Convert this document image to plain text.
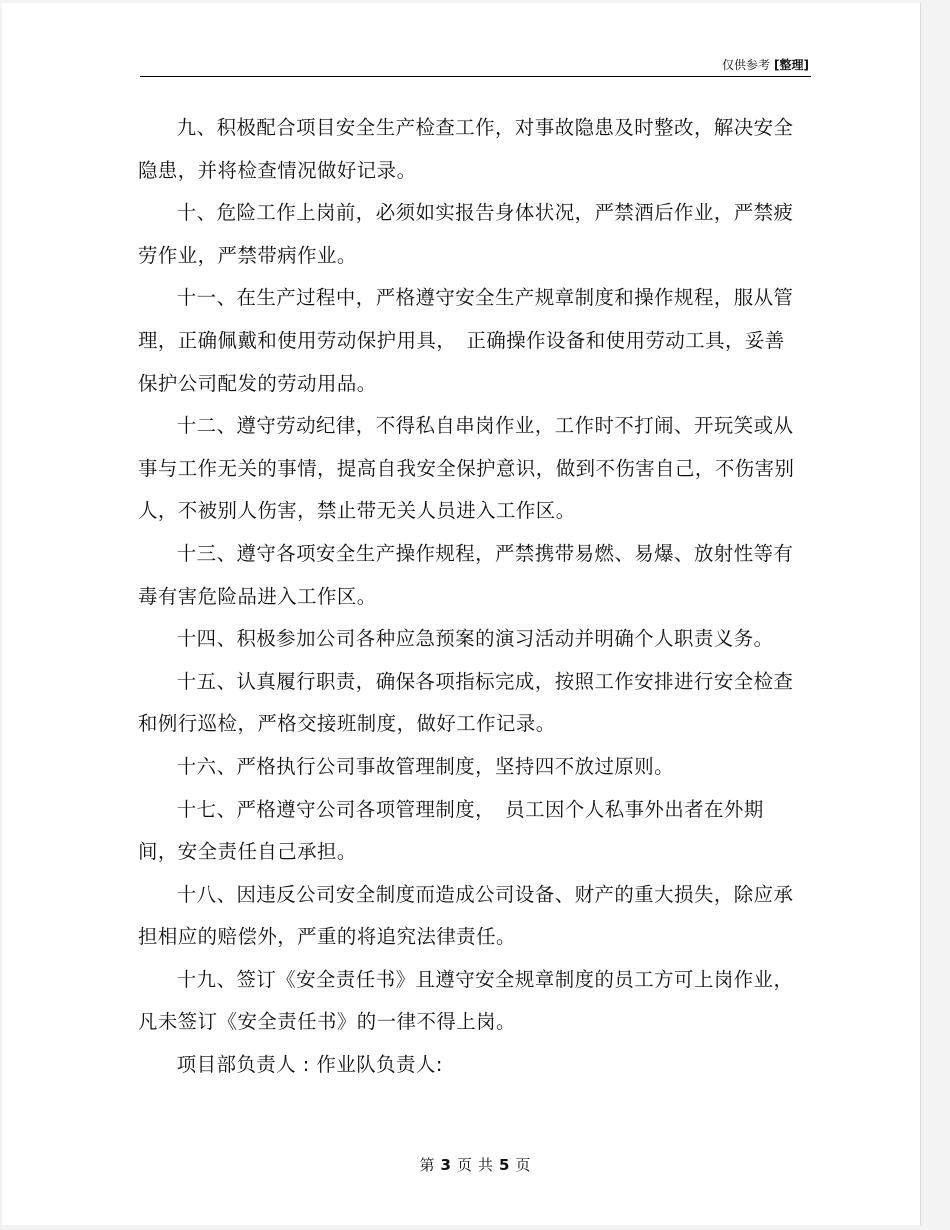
仅供参考 [整理]

九、积极配合项目安全生产检查工作，对事故隐患及时整改，解决安全隐患，并将检查情况做好记录。

十、危险工作上岗前，必须如实报告身体状况，严禁酒后作业，严禁疲劳作业，严禁带病作业。

十一、在生产过程中，严格遵守安全生产规章制度和操作规程，服从管理，正确佩戴和使用劳动保护用具，　正确操作设备和使用劳动工具，妥善保护公司配发的劳动用品。

十二、遵守劳动纪律，不得私自串岗作业，工作时不打闹、开玩笑或从事与工作无关的事情，提高自我安全保护意识，做到不伤害自己，不伤害别人，不被别人伤害，禁止带无关人员进入工作区。

十三、遵守各项安全生产操作规程，严禁携带易燃、易爆、放射性等有毒有害危险品进入工作区。

十四、积极参加公司各种应急预案的演习活动并明确个人职责义务。

十五、认真履行职责，确保各项指标完成，按照工作安排进行安全检查和例行巡检，严格交接班制度，做好工作记录。

十六、严格执行公司事故管理制度，坚持四不放过原则。

十七、严格遵守公司各项管理制度，　员工因个人私事外出者在外期间，安全责任自己承担。

十八、因违反公司安全制度而造成公司设备、财产的重大损失，除应承担相应的赔偿外，严重的将追究法律责任。

十九、签订《安全责任书》且遵守安全规章制度的员工方可上岗作业，凡未签订《安全责任书》的一律不得上岗。

项目部负责人 : 作业队负责人:

第 3 页 共 5 页
